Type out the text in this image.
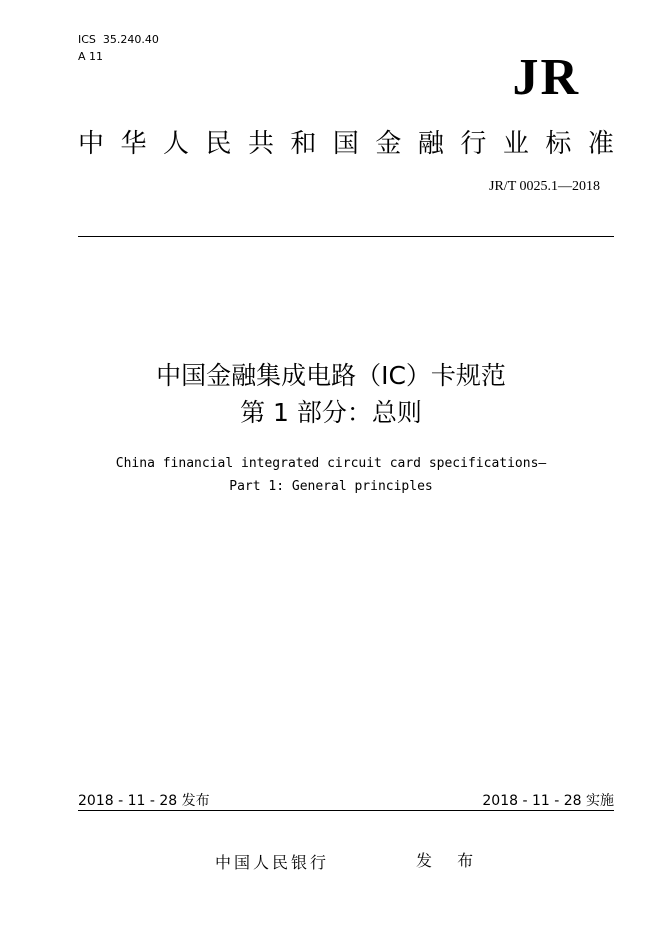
ICS  35.240.40
A 11	JR
中 华 人 民 共 和 国 金 融 行 业 标 准
JR/T 0025.1—2018
中国金融集成电路（IC）卡规范
第 1 部分：总则
China financial integrated circuit card specifications—
Part 1: General principles
2018 - 11 - 28 发布	2018 - 11 - 28 实施
中国人民银行	发 布
